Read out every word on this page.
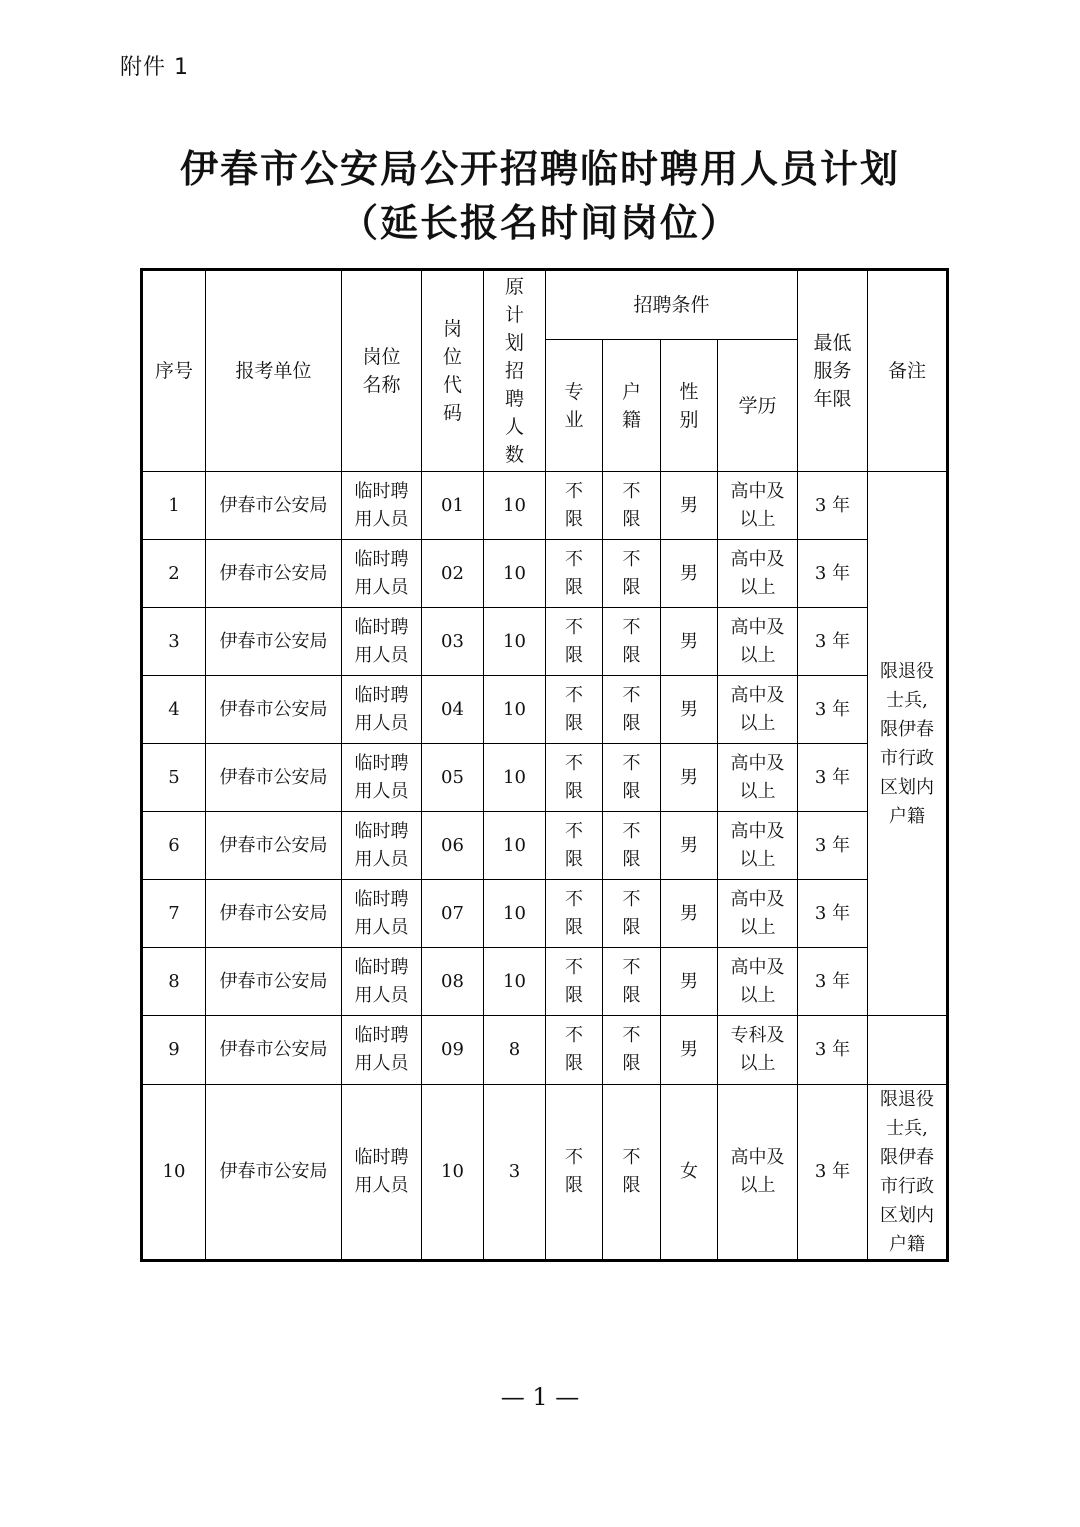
附件 1
伊春市公安局公开招聘临时聘用人员计划
（延长报名时间岗位）
序号	报考单位	岗位名称	岗位代码	原计划招聘人数	招聘条件				最低服务年限	备注
					专业	户籍	性别	学历		
1	伊春市公安局	临时聘用人员	01	10	不限	不限	男	高中及以上	3 年	限退役士兵,限伊春市行政区划内户籍
2	伊春市公安局	临时聘用人员	02	10	不限	不限	男	高中及以上	3 年	
3	伊春市公安局	临时聘用人员	03	10	不限	不限	男	高中及以上	3 年	
4	伊春市公安局	临时聘用人员	04	10	不限	不限	男	高中及以上	3 年	
5	伊春市公安局	临时聘用人员	05	10	不限	不限	男	高中及以上	3 年	
6	伊春市公安局	临时聘用人员	06	10	不限	不限	男	高中及以上	3 年	
7	伊春市公安局	临时聘用人员	07	10	不限	不限	男	高中及以上	3 年	
8	伊春市公安局	临时聘用人员	08	10	不限	不限	男	高中及以上	3 年	
9	伊春市公安局	临时聘用人员	09	8	不限	不限	男	专科及以上	3 年	
10	伊春市公安局	临时聘用人员	10	3	不限	不限	女	高中及以上	3 年	限退役士兵,限伊春市行政区划内户籍
— 1 —
